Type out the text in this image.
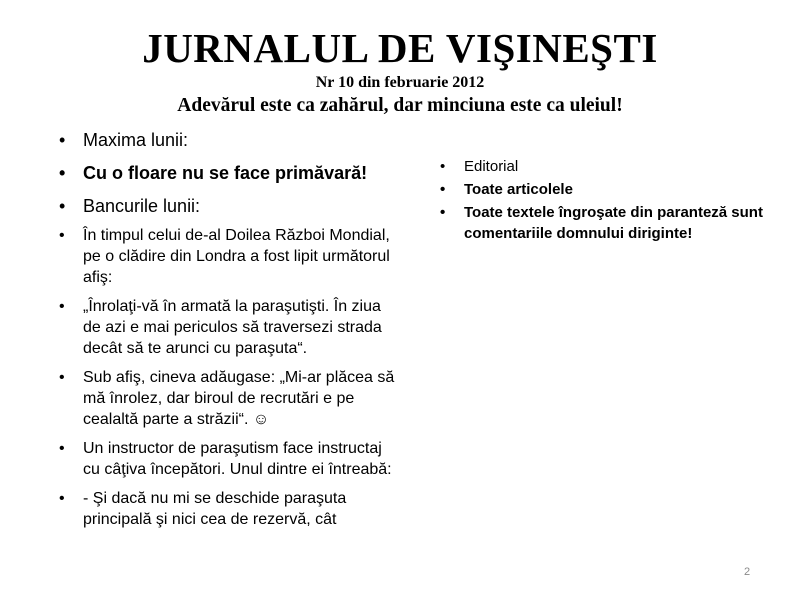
JURNALUL DE VIŞINEŞTI
Nr 10 din februarie 2012
Adevărul este ca zahărul, dar minciuna este ca uleiul!
• Maxima lunii:
• Cu o floare nu se face primăvară!
• Bancurile lunii:
• În timpul celui de-al Doilea Război Mondial, pe o clădire din Londra a fost lipit următorul afiş:
• „Înrolaţi-vă în armată la paraşutişti. În ziua de azi e mai periculos să traversezi strada decât să te arunci cu paraşuta“.
• Sub afiş, cineva adăugase: „Mi-ar plăcea să mă înrolez, dar biroul de recrutări e pe cealaltă parte a străzii“. ☺
• Un instructor de paraşutism face instructaj cu câţiva începători. Unul dintre ei întreabă:
• - Şi dacă nu mi se deschide paraşuta principală şi nici cea de rezervă, cât
• Editorial
• Toate articolele
• Toate textele îngroşate din paranteză sunt comentariile domnului diriginte!
2
